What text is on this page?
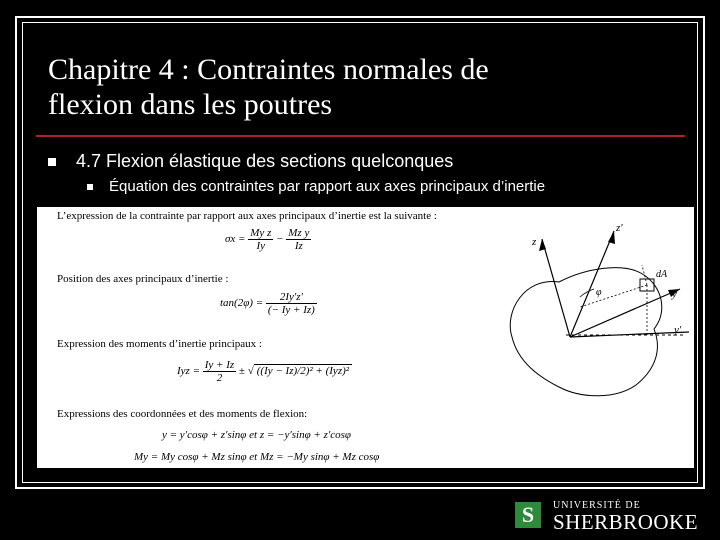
Chapitre 4 : Contraintes normales de
flexion dans les poutres
4.7 Flexion élastique des sections quelconques
Équation des contraintes par rapport aux axes principaux d’inertie
L’expression de la contrainte par rapport aux axes principaux d’inertie est la suivante :
$\sigma x = \frac{\text{My z}}{Iy} - \frac{\text{Mz y}}{Iz}$
Position des axes principaux d’inertie :
$\tan(2\varphi) = \frac{2Iy'z'}{(- Iy + Iz)}$
Expression des moments d’inertie principaux :
Iyz = $\frac{Iy + Iz}{2}$ ± √ ((Iy − Iz)/2)² + (Iyz)²
Expressions des coordonnées et des moments de flexion:
y = y′cosφ + z′sinφ et z = −y′sinφ + z′cosφ
My = My cosφ + Mz sinφ et Mz = −My sinφ + Mz cosφ
z
z′
y
y′
φ
dA
S	UNIVERSITÉ DE
SHERBROOKE
